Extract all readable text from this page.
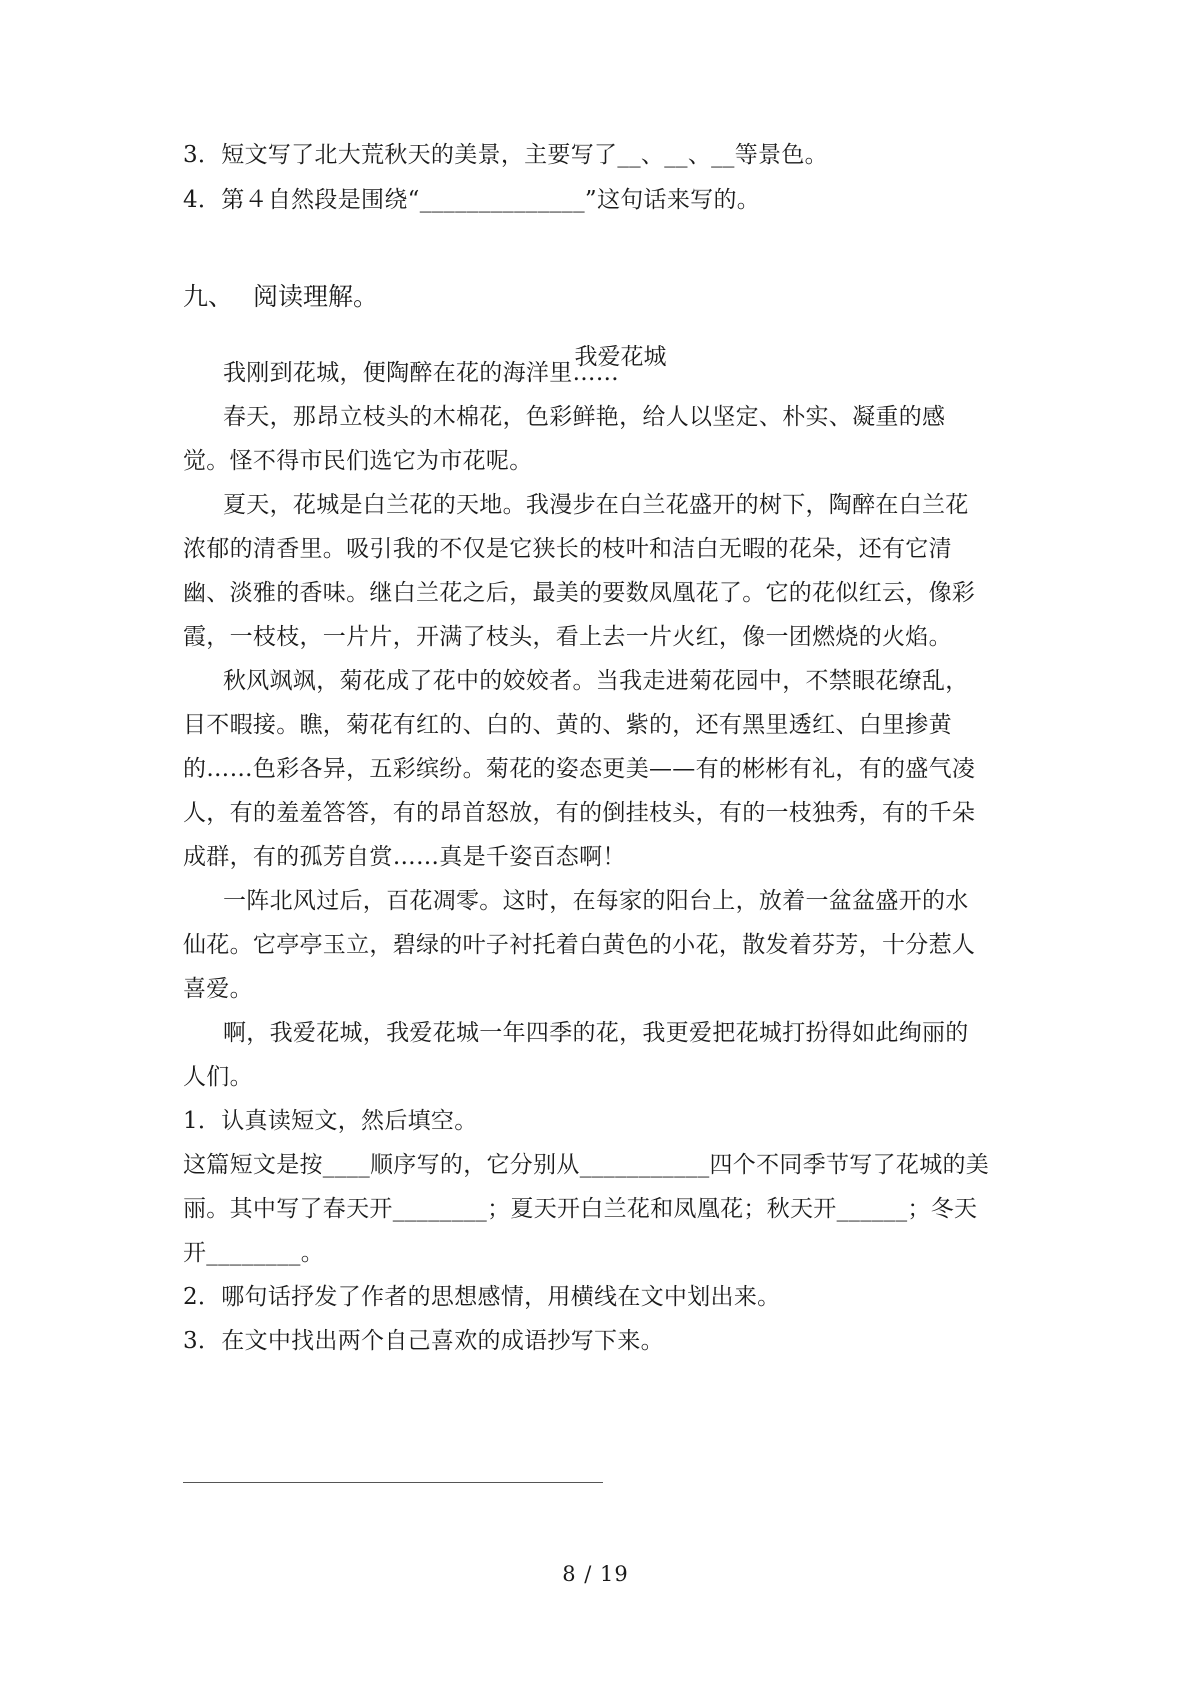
3．短文写了北大荒秋天的美景，主要写了__、__、__等景色。
4．第４自然段是围绕“______________”这句话来写的。
九、 阅读理解。
我爱花城
我刚到花城，便陶醉在花的海洋里……
春天，那昂立枝头的木棉花，色彩鲜艳，给人以坚定、朴实、凝重的感
觉。怪不得市民们选它为市花呢。
夏天，花城是白兰花的天地。我漫步在白兰花盛开的树下，陶醉在白兰花
浓郁的清香里。吸引我的不仅是它狭长的枝叶和洁白无暇的花朵，还有它清
幽、淡雅的香味。继白兰花之后，最美的要数凤凰花了。它的花似红云，像彩
霞，一枝枝，一片片，开满了枝头，看上去一片火红，像一团燃烧的火焰。
秋风飒飒，菊花成了花中的姣姣者。当我走进菊花园中，不禁眼花缭乱，
目不暇接。瞧，菊花有红的、白的、黄的、紫的，还有黑里透红、白里掺黄
的……色彩各异，五彩缤纷。菊花的姿态更美——有的彬彬有礼，有的盛气凌
人，有的羞羞答答，有的昂首怒放，有的倒挂枝头，有的一枝独秀，有的千朵
成群，有的孤芳自赏……真是千姿百态啊！
一阵北风过后，百花凋零。这时，在每家的阳台上，放着一盆盆盛开的水
仙花。它亭亭玉立，碧绿的叶子衬托着白黄色的小花，散发着芬芳，十分惹人
喜爱。
啊，我爱花城，我爱花城一年四季的花，我更爱把花城打扮得如此绚丽的
人们。
1．认真读短文，然后填空。
这篇短文是按____顺序写的，它分别从___________四个不同季节写了花城的美
丽。其中写了春天开________；夏天开白兰花和凤凰花；秋天开______；冬天
开________。
2．哪句话抒发了作者的思想感情，用横线在文中划出来。
3．在文中找出两个自己喜欢的成语抄写下来。
8 / 19
